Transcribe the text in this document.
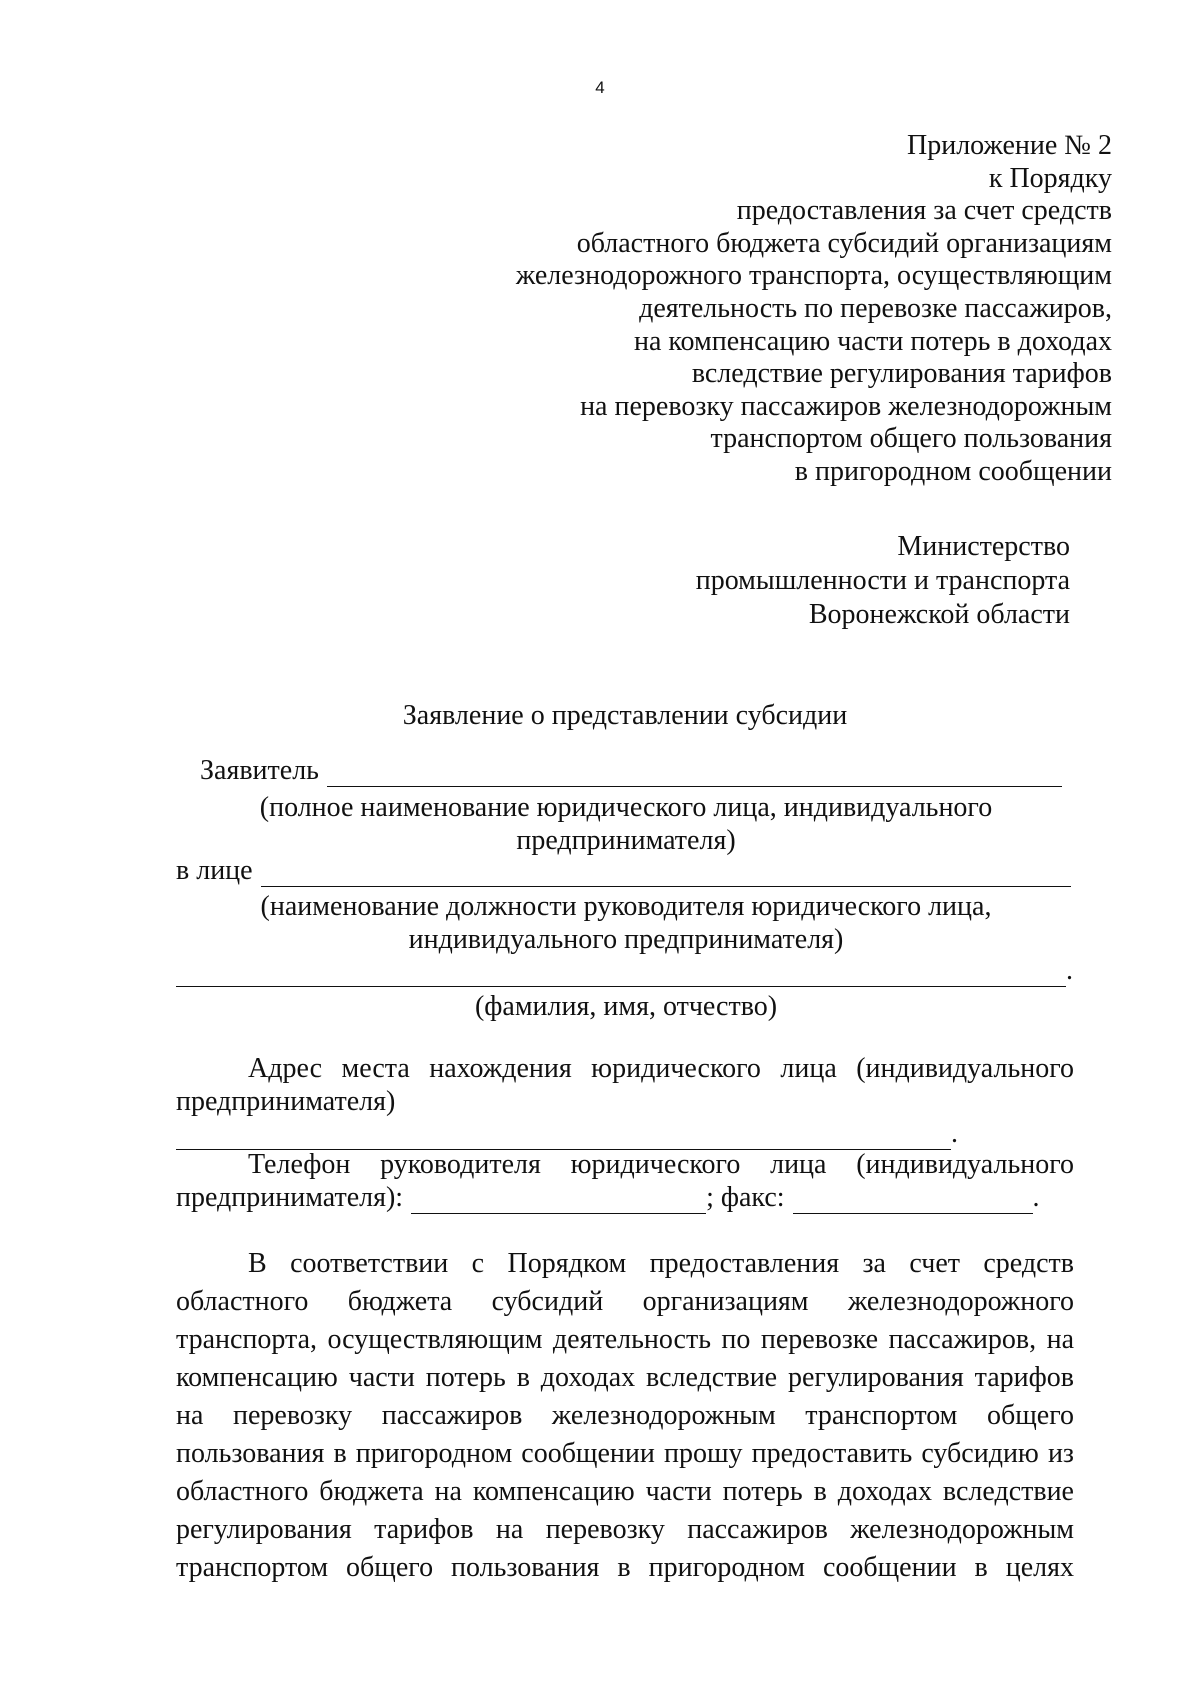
4
Приложение № 2
к Порядку
предоставления за счет средств
областного бюджета субсидий организациям
железнодорожного транспорта, осуществляющим
деятельность по перевозке пассажиров,
на компенсацию части потерь в доходах
вследствие регулирования тарифов
на перевозку пассажиров железнодорожным
транспортом общего пользования
в пригородном сообщении
Министерство
промышленности и транспорта
Воронежской области
Заявление о представлении субсидии
Заявитель
(полное наименование юридического лица, индивидуального
предпринимателя)
в лице
(наименование должности руководителя юридического лица,
индивидуального предпринимателя)
.
(фамилия, имя, отчество)
Адрес места нахождения юридического лица (индивидуального
предпринимателя)
.
Телефон руководителя юридического лица (индивидуального
предпринимателя):	; факс:	.
В соответствии с Порядком предоставления за счет средств
областного бюджета субсидий организациям железнодорожного
транспорта, осуществляющим деятельность по перевозке пассажиров, на
компенсацию части потерь в доходах вследствие регулирования тарифов
на перевозку пассажиров железнодорожным транспортом общего
пользования в пригородном сообщении прошу предоставить субсидию из
областного бюджета на компенсацию части потерь в доходах вследствие
регулирования тарифов на перевозку пассажиров железнодорожным
транспортом общего пользования в пригородном сообщении в целях
